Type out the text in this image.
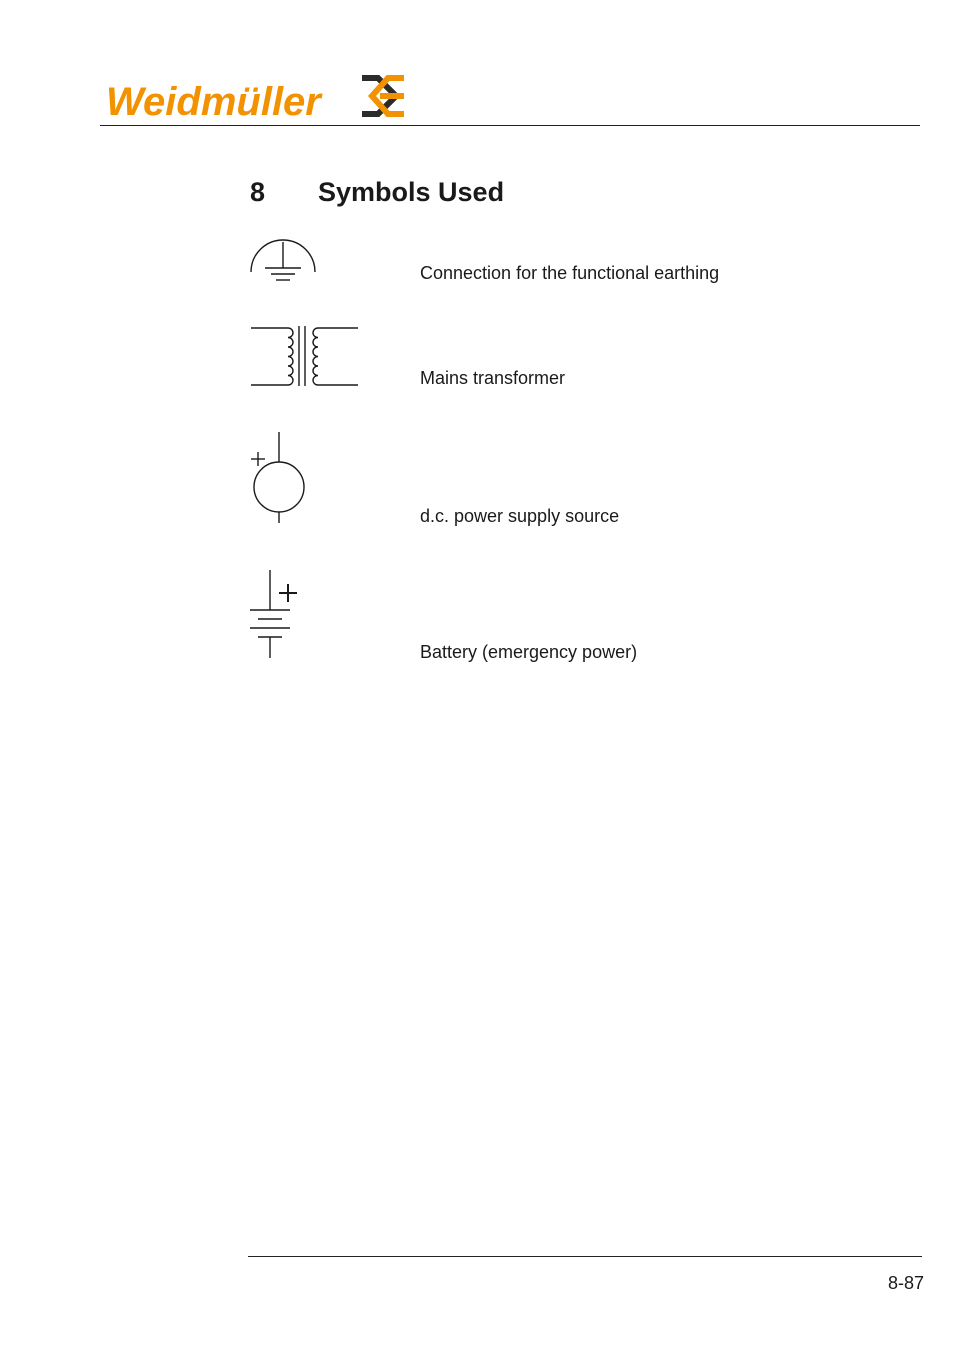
Weidmüller
8 Symbols Used
Connection for the functional earthing
Mains transformer
d.c. power supply source
Battery (emergency power)
8-87
